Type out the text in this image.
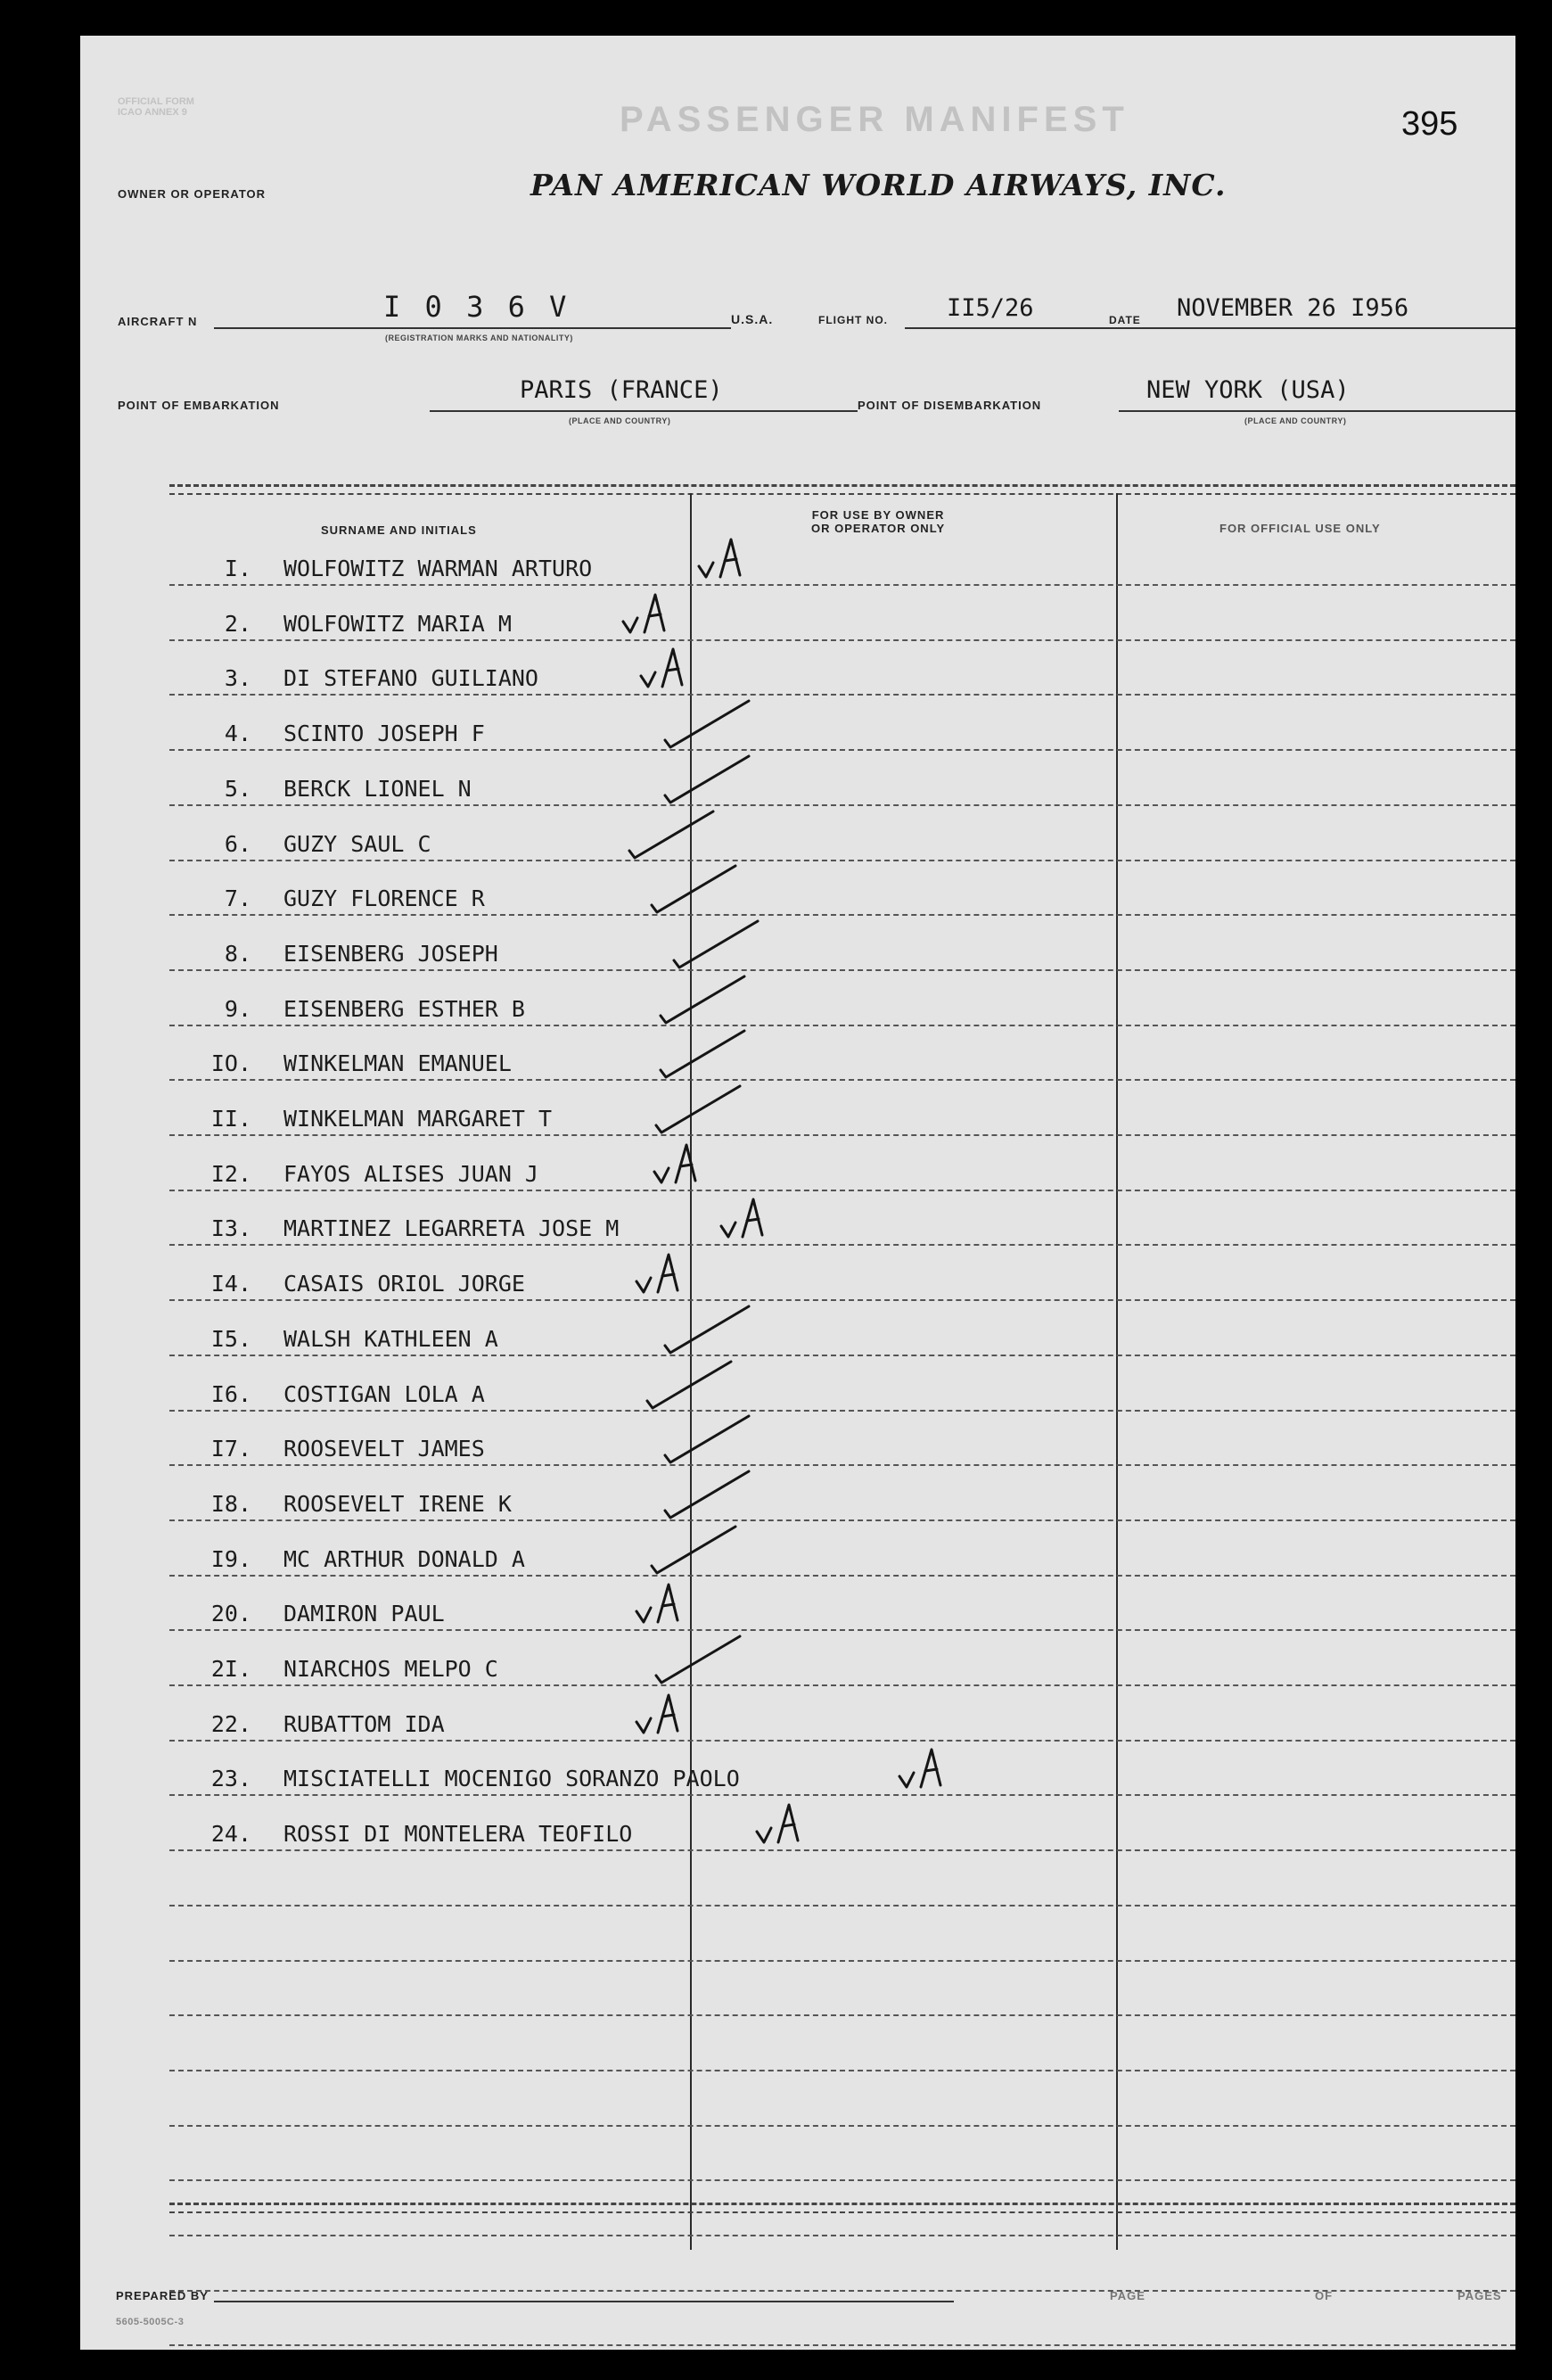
OFFICIAL FORM
ICAO ANNEX 9	PASSENGER MANIFEST	395
OWNER OR OPERATOR	PAN AMERICAN WORLD AIRWAYS, INC.
AIRCRAFT N	I 0 3 6 V
(REGISTRATION MARKS AND NATIONALITY)
U.S.A.	FLIGHT NO. II5/26	DATE NOVEMBER 26 I956
POINT OF EMBARKATION
PARIS (FRANCE)
(PLACE AND COUNTRY)
POINT OF DISEMBARKATION
NEW YORK (USA)
(PLACE AND COUNTRY)
SURNAME AND INITIALS
FOR USE BY OWNER
OR OPERATOR ONLY	FOR OFFICIAL USE ONLY
I. WOLFOWITZ WARMAN ARTURO
2. WOLFOWITZ MARIA M
3. DI STEFANO GUILIANO
4. SCINTO JOSEPH F
5. BERCK LIONEL N
6. GUZY SAUL C
7. GUZY FLORENCE R
8. EISENBERG JOSEPH
9. EISENBERG ESTHER B
IO. WINKELMAN EMANUEL
II. WINKELMAN MARGARET T
I2. FAYOS ALISES JUAN J
I3. MARTINEZ LEGARRETA JOSE M
I4. CASAIS ORIOL JORGE
I5. WALSH KATHLEEN A
I6. COSTIGAN LOLA A
I7. ROOSEVELT JAMES
I8. ROOSEVELT IRENE K
I9. MC ARTHUR DONALD A
20. DAMIRON PAUL
2I. NIARCHOS MELPO C
22. RUBATTOM IDA
23. MISCIATELLI MOCENIGO SORANZO PAOLO
24. ROSSI DI MONTELERA TEOFILO
PREPARED BY	PAGE	OF	PAGES
5605-5005C-3
